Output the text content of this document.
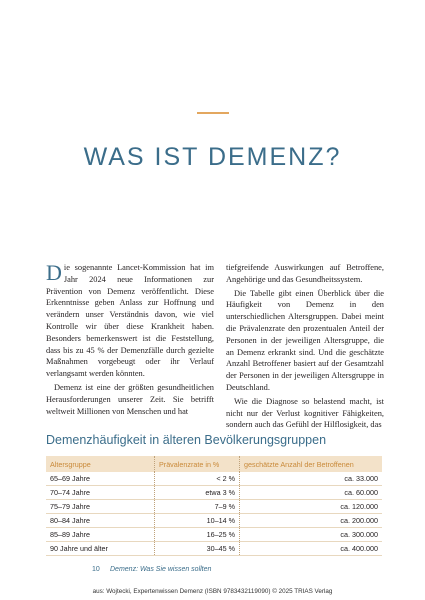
WAS IST DEMENZ?

Die sogenannte Lancet-Kommission hat im Jahr 2024 neue Informationen zur Prävention von Demenz veröffentlicht. Diese Erkenntnisse geben Anlass zur Hoffnung und verändern unser Verständnis davon, wie viel Kontrolle wir über diese Krankheit haben. Besonders bemerkenswert ist die Feststellung, dass bis zu 45 % der Demenzfälle durch gezielte Maßnahmen vorgebeugt oder ihr Verlauf verlangsamt werden könnten.

Demenz ist eine der größten gesundheitlichen Herausforderungen unserer Zeit. Sie betrifft weltweit Millionen von Menschen und hat

tiefgreifende Auswirkungen auf Betroffene, Angehörige und das Gesundheitssystem.

Die Tabelle gibt einen Überblick über die Häufigkeit von Demenz in den unterschiedlichen Altersgruppen. Dabei meint die Prävalenzrate den prozentualen Anteil der Personen in der jeweiligen Altersgruppe, die an Demenz erkrankt sind. Und die geschätzte Anzahl Betroffener basiert auf der Gesamtzahl der Personen in der jeweiligen Altersgruppe in Deutschland.

Wie die Diagnose so belastend macht, ist nicht nur der Verlust kognitiver Fähigkeiten, sondern auch das Gefühl der Hilflosigkeit, das

Demenzhäufigkeit in älteren Bevölkerungsgruppen
Altersgruppe	Prävalenzrate in %	geschätzte Anzahl der Betroffenen
65–69 Jahre	< 2 %	ca. 33.000
70–74 Jahre	etwa 3 %	ca. 60.000
75–79 Jahre	7–9 %	ca. 120.000
80–84 Jahre	10–14 %	ca. 200.000
85–89 Jahre	16–25 %	ca. 300.000
90 Jahre und älter	30–45 %	ca. 400.000
10 Demenz: Was Sie wissen sollten
aus: Wojtecki, Expertenwissen Demenz (ISBN 9783432119090) © 2025 TRIAS Verlag
